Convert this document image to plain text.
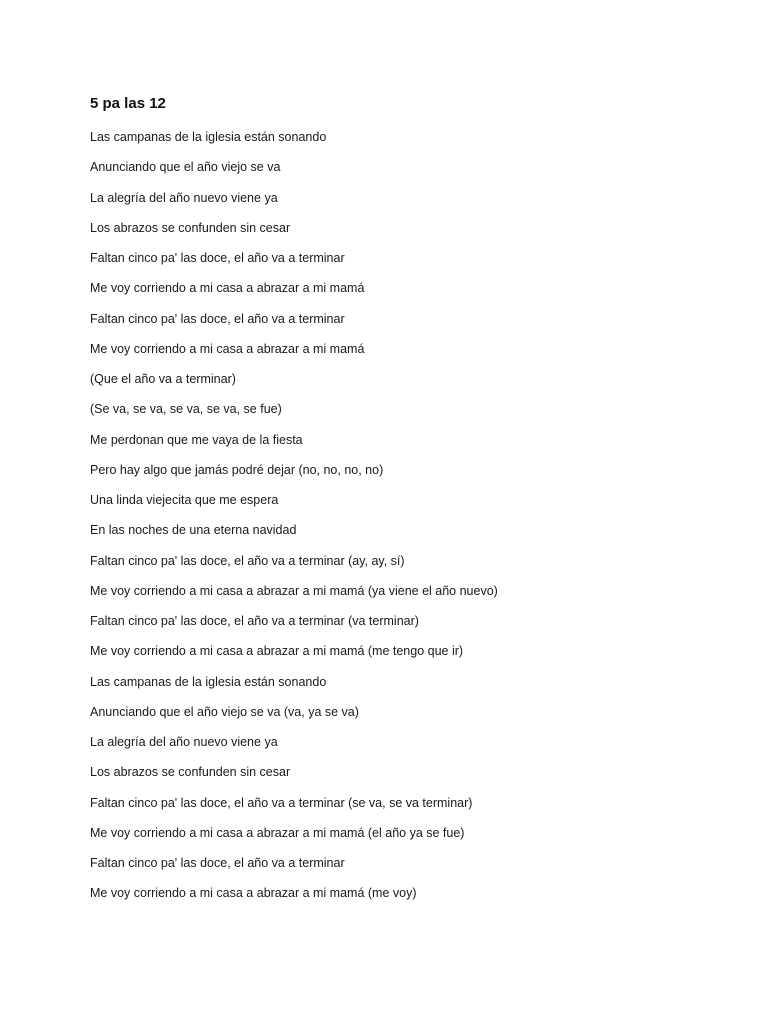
5 pa las 12
Las campanas de la iglesia están sonando
Anunciando que el año viejo se va
La alegría del año nuevo viene ya
Los abrazos se confunden sin cesar
Faltan cinco pa' las doce, el año va a terminar
Me voy corriendo a mi casa a abrazar a mi mamá
Faltan cinco pa' las doce, el año va a terminar
Me voy corriendo a mi casa a abrazar a mi mamá
(Que el año va a terminar)
(Se va, se va, se va, se va, se fue)
Me perdonan que me vaya de la fiesta
Pero hay algo que jamás podré dejar (no, no, no, no)
Una linda viejecita que me espera
En las noches de una eterna navidad
Faltan cinco pa' las doce, el año va a terminar (ay, ay, sí)
Me voy corriendo a mi casa a abrazar a mi mamá (ya viene el año nuevo)
Faltan cinco pa' las doce, el año va a terminar (va terminar)
Me voy corriendo a mi casa a abrazar a mi mamá (me tengo que ir)
Las campanas de la iglesia están sonando
Anunciando que el año viejo se va (va, ya se va)
La alegría del año nuevo viene ya
Los abrazos se confunden sin cesar
Faltan cinco pa' las doce, el año va a terminar (se va, se va terminar)
Me voy corriendo a mi casa a abrazar a mi mamá (el año ya se fue)
Faltan cinco pa' las doce, el año va a terminar
Me voy corriendo a mi casa a abrazar a mi mamá (me voy)
